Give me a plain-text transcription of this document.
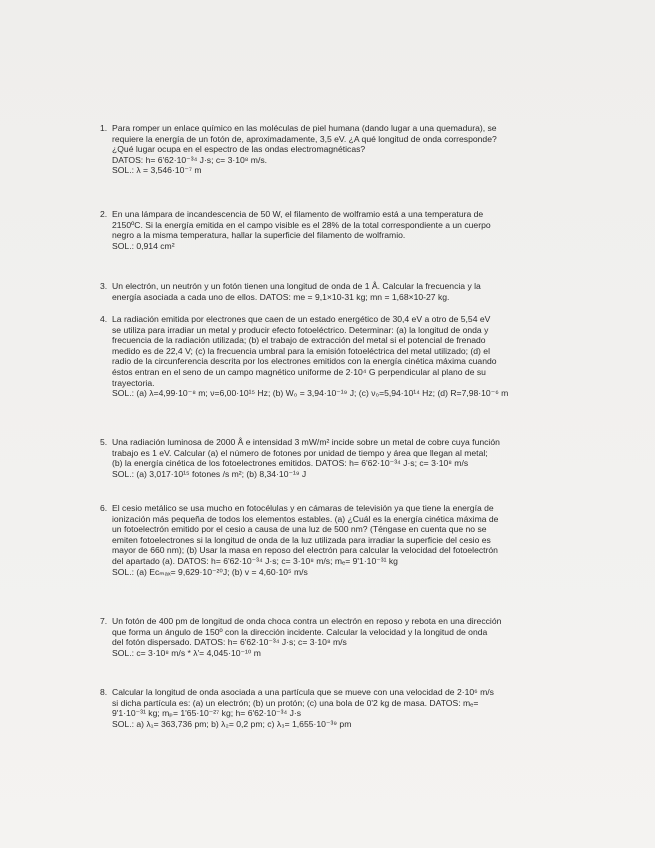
1. Para romper un enlace químico en las moléculas de piel humana (dando lugar a una quemadura), se
requiere la energía de un fotón de, aproximadamente, 3,5 eV. ¿A qué longitud de onda corresponde?
¿Qué lugar ocupa en el espectro de las ondas electromagnéticas?
DATOS: h= 6'62·10⁻³⁴ J·s; c= 3·10⁸ m/s.
SOL.: λ = 3,546·10⁻⁷ m
2. En una lámpara de incandescencia de 50 W, el filamento de wolframio está a una temperatura de
2150ºC. Si la energía emitida en el campo visible es el 28% de la total correspondiente a un cuerpo
negro a la misma temperatura, hallar la superficie del filamento de wolframio.
SOL.: 0,914 cm²
3. Un electrón, un neutrón y un fotón tienen una longitud de onda de 1 Å. Calcular la frecuencia y la
energía asociada a cada uno de ellos. DATOS: me = 9,1×10-31 kg; mn = 1,68×10-27 kg.
4. La radiación emitida por electrones que caen de un estado energético de 30,4 eV a otro de 5,54 eV
se utiliza para irradiar un metal y producir efecto fotoeléctrico. Determinar: (a) la longitud de onda y
frecuencia de la radiación utilizada; (b) el trabajo de extracción del metal si el potencial de frenado
medido es de 22,4 V; (c) la frecuencia umbral para la emisión fotoeléctrica del metal utilizado; (d) el
radio de la circunferencia descrita por los electrones emitidos con la energía cinética máxima cuando
éstos entran en el seno de un campo magnético uniforme de 2·10⁴ G perpendicular al plano de su
trayectoria.
SOL.: (a) λ=4,99·10⁻⁸ m; ν=6,00·10¹⁵ Hz; (b) W₀ = 3,94·10⁻¹⁹ J; (c) ν₀=5,94·10¹⁴ Hz; (d) R=7,98·10⁻⁶ m
5. Una radiación luminosa de 2000 Å e intensidad 3 mW/m² incide sobre un metal de cobre cuya función
trabajo es 1 eV. Calcular (a) el número de fotones por unidad de tiempo y área que llegan al metal;
(b) la energía cinética de los fotoelectrones emitidos. DATOS: h= 6'62·10⁻³⁴ J·s; c= 3·10⁸ m/s
SOL.: (a) 3,017·10¹⁵ fotones /s m²; (b) 8,34·10⁻¹⁹ J
6. El cesio metálico se usa mucho en fotocélulas y en cámaras de televisión ya que tiene la energía de
ionización más pequeña de todos los elementos estables. (a) ¿Cuál es la energía cinética máxima de
un fotoelectrón emitido por el cesio a causa de una luz de 500 nm? (Téngase en cuenta que no se
emiten fotoelectrones si la longitud de onda de la luz utilizada para irradiar la superficie del cesio es
mayor de 660 nm); (b) Usar la masa en reposo del electrón para calcular la velocidad del fotoelectrón
del apartado (a). DATOS: h= 6'62·10⁻³⁴ J·s; c= 3·10⁸ m/s; mₑ= 9'1·10⁻³¹ kg
SOL.: (a) Ecₘₐₓ= 9,629·10⁻²⁰J; (b) v = 4,60·10⁵ m/s
7. Un fotón de 400 pm de longitud de onda choca contra un electrón en reposo y rebota en una dirección
que forma un ángulo de 150º con la dirección incidente. Calcular la velocidad y la longitud de onda
del fotón dispersado. DATOS: h= 6'62·10⁻³⁴ J·s; c= 3·10⁸ m/s
SOL.: c= 3·10⁸ m/s * λ'= 4,045·10⁻¹⁰ m
8. Calcular la longitud de onda asociada a una partícula que se mueve con una velocidad de 2·10⁶ m/s
si dicha partícula es: (a) un electrón; (b) un protón; (c) una bola de 0'2 kg de masa. DATOS: mₑ=
9'1·10⁻³¹ kg; mₚ= 1'65·10⁻²⁷ kg; h= 6'62·10⁻³⁴ J·s
SOL.: a) λ₁= 363,736 pm; b) λ₂= 0,2 pm; c) λ₃= 1,655·10⁻³⁹ pm
